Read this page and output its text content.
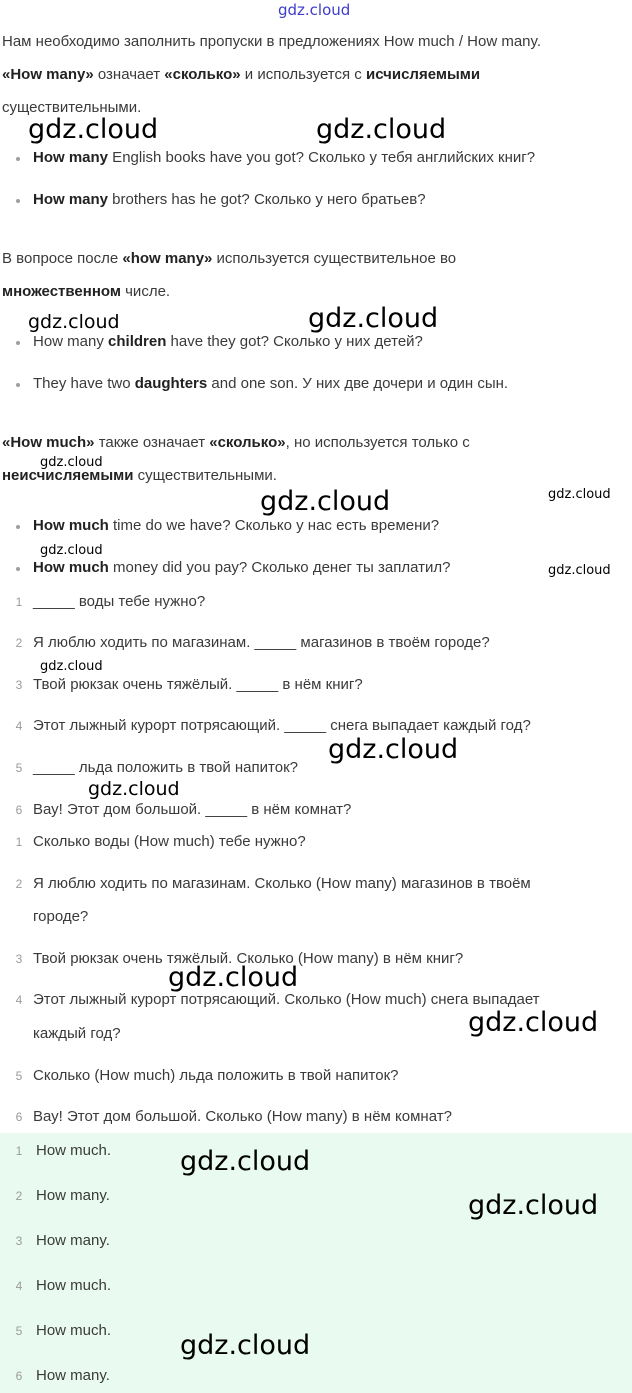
gdz.cloud
Нам необходимо заполнить пропуски в предложениях How much / How many.
«How many» означает «сколько» и используется с исчисляемыми
существительными.
How many English books have you got? Сколько у тебя английских книг?
How many brothers has he got? Сколько у него братьев?
В вопросе после «how many» используется существительное во
множественном числе.
How many children have they got? Сколько у них детей?
They have two daughters and one son. У них две дочери и один сын.
«How much» также означает «сколько», но используется только с
неисчисляемыми существительными.
How much time do we have? Сколько у нас есть времени?
How much money did you pay? Сколько денег ты заплатил?
1 _____ воды тебе нужно?
2 Я люблю ходить по магазинам. _____ магазинов в твоём городе?
3 Твой рюкзак очень тяжёлый. _____ в нём книг?
4 Этот лыжный курорт потрясающий. _____ снега выпадает каждый год?
5 _____ льда положить в твой напиток?
6 Вау! Этот дом большой. _____ в нём комнат?
1 Сколько воды (How much) тебе нужно?
2 Я люблю ходить по магазинам. Сколько (How many) магазинов в твоём
городе?
3 Твой рюкзак очень тяжёлый. Сколько (How many) в нём книг?
4 Этот лыжный курорт потрясающий. Сколько (How much) снега выпадает
каждый год?
5 Сколько (How much) льда положить в твой напиток?
6 Вау! Этот дом большой. Сколько (How many) в нём комнат?
1 How much.
2 How many.
3 How many.
4 How much.
5 How much.
6 How many.
gdz.cloud	gdz.cloud
gdz.cloud	gdz.cloud
gdz.cloud
gdz.cloud	gdz.cloud
gdz.cloud
gdz.cloud
gdz.cloud
gdz.cloud
gdz.cloud
gdz.cloud
gdz.cloud
gdz.cloud
gdz.cloud
gdz.cloud
